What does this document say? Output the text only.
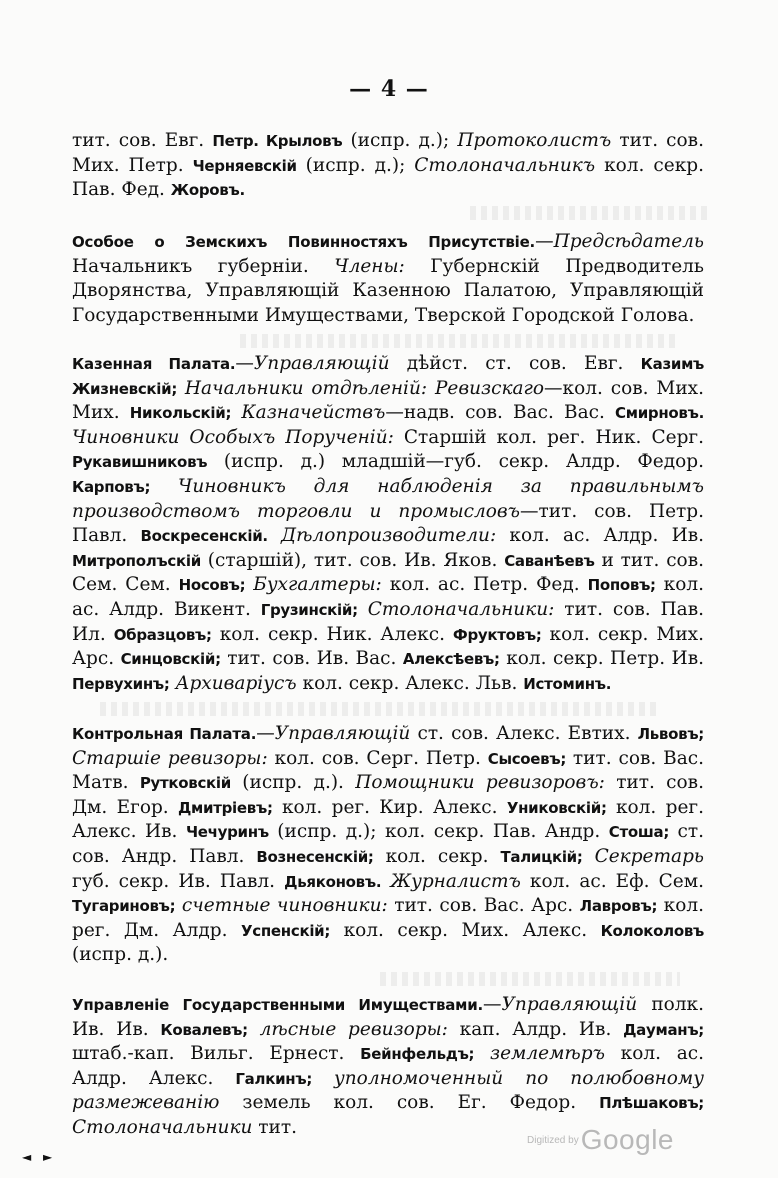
— 4 —

тит. сов. Евг. Петр. Крыловъ (испр. д.); Протоколистъ тит. сов. Мих. Петр. Черняевскій (испр. д.); Столоначальникъ кол. секр. Пав. Фед. Жоровъ.

Особое о Земскихъ Повинностяхъ Присутствіе.—Предсѣдатель Начальникъ губерніи. Члены: Губернскій Предводитель Дворянства, Управляющій Казенною Палатою, Управляющій Государственными Имуществами, Тверской Городской Голова.

Казенная Палата.—Управляющій дѣйст. ст. сов. Евг. Казимъ Жизневскій; Начальники отдѣленій: Ревизскаго—кол. сов. Мих. Мих. Никольскій; Казначействъ—надв. сов. Вас. Вас. Смирновъ. Чиновники Особыхъ Порученій: Старшій кол. рег. Ник. Серг. Рукавишниковъ (испр. д.) младшій—губ. секр. Алдр. Федор. Карповъ; Чиновникъ для наблюденія за правильнымъ производствомъ торговли и промысловъ—тит. сов. Петр. Павл. Воскресенскій. Дѣлопроизводители: кол. ас. Алдр. Ив. Митрополъскій (старшій), тит. сов. Ив. Яков. Саванѣевъ и тит. сов. Сем. Сем. Носовъ; Бухгалтеры: кол. ас. Петр. Фед. Поповъ; кол. ас. Алдр. Викент. Грузинскій; Столоначальники: тит. сов. Пав. Ил. Образцовъ; кол. секр. Ник. Алекс. Фруктовъ; кол. секр. Мих. Арс. Синцовскій; тит. сов. Ив. Вас. Алексѣевъ; кол. секр. Петр. Ив. Первухинъ; Архиваріусъ кол. секр. Алекс. Льв. Истоминъ.

Контрольная Палата.—Управляющій ст. сов. Алекс. Евтих. Львовъ; Старшіе ревизоры: кол. сов. Серг. Петр. Сысоевъ; тит. сов. Вас. Матв. Рутковскій (испр. д.). Помощники ревизоровъ: тит. сов. Дм. Егор. Дмитріевъ; кол. рег. Кир. Алекс. Униковскій; кол. рег. Алекс. Ив. Чечуринъ (испр. д.); кол. секр. Пав. Андр. Стоша; ст. сов. Андр. Павл. Вознесенскій; кол. секр. Талицкій; Секретарь губ. секр. Ив. Павл. Дьяконовъ. Журналистъ кол. ас. Еф. Сем. Тугариновъ; счетные чиновники: тит. сов. Вас. Арс. Лавровъ; кол. рег. Дм. Алдр. Успенскій; кол. секр. Мих. Алекс. Колоколовъ (испр. д.).

Управленіе Государственными Имуществами.—Управляющій полк. Ив. Ив. Ковалевъ; лѣсные ревизоры: кап. Алдр. Ив. Дауманъ; штаб.-кап. Вильг. Ернест. Бейнфельдъ; землемѣръ кол. ас. Алдр. Алекс. Галкинъ; уполномоченный по полюбовному размежеванію земель кол. сов. Ег. Федор. Плѣшаковъ; Столоначальники тит.

Digitized byGoogle
◄ ►
